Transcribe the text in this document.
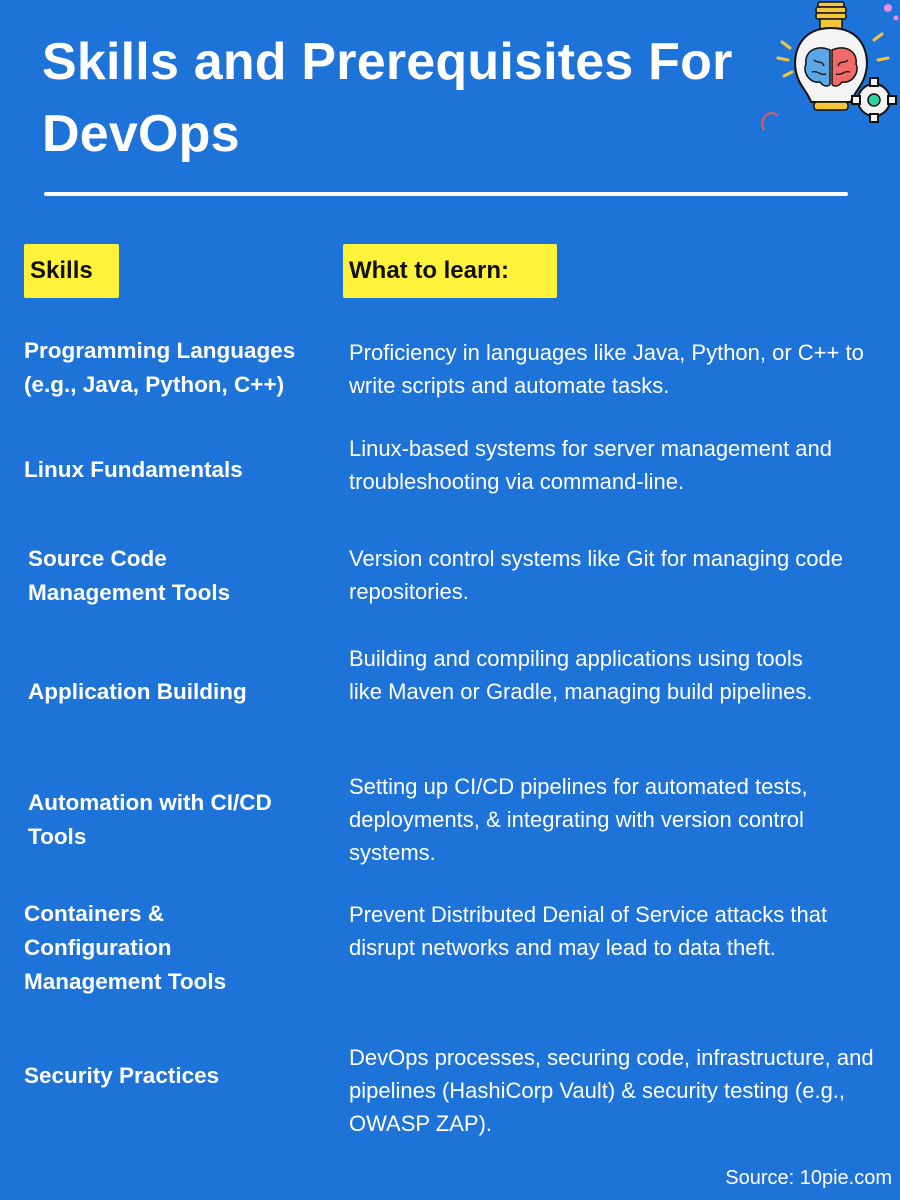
Skills and Prerequisites For DevOps
Skills	What to learn:
Programming Languages (e.g., Java, Python, C++)
Proficiency in languages like Java, Python, or C++ to write scripts and automate tasks.
Linux Fundamentals
Linux-based systems for server management and troubleshooting via command-line.
Source Code Management Tools
Version control systems like Git for managing code repositories.
Application Building
Building and compiling applications using tools like Maven or Gradle, managing build pipelines.
Automation with CI/CD Tools
Setting up CI/CD pipelines for automated tests, deployments, & integrating with version control systems.
Containers & Configuration Management Tools
Prevent Distributed Denial of Service attacks that disrupt networks and may lead to data theft.
Security Practices
DevOps processes, securing code, infrastructure, and pipelines (HashiCorp Vault) & security testing (e.g., OWASP ZAP).
Source: 10pie.com
